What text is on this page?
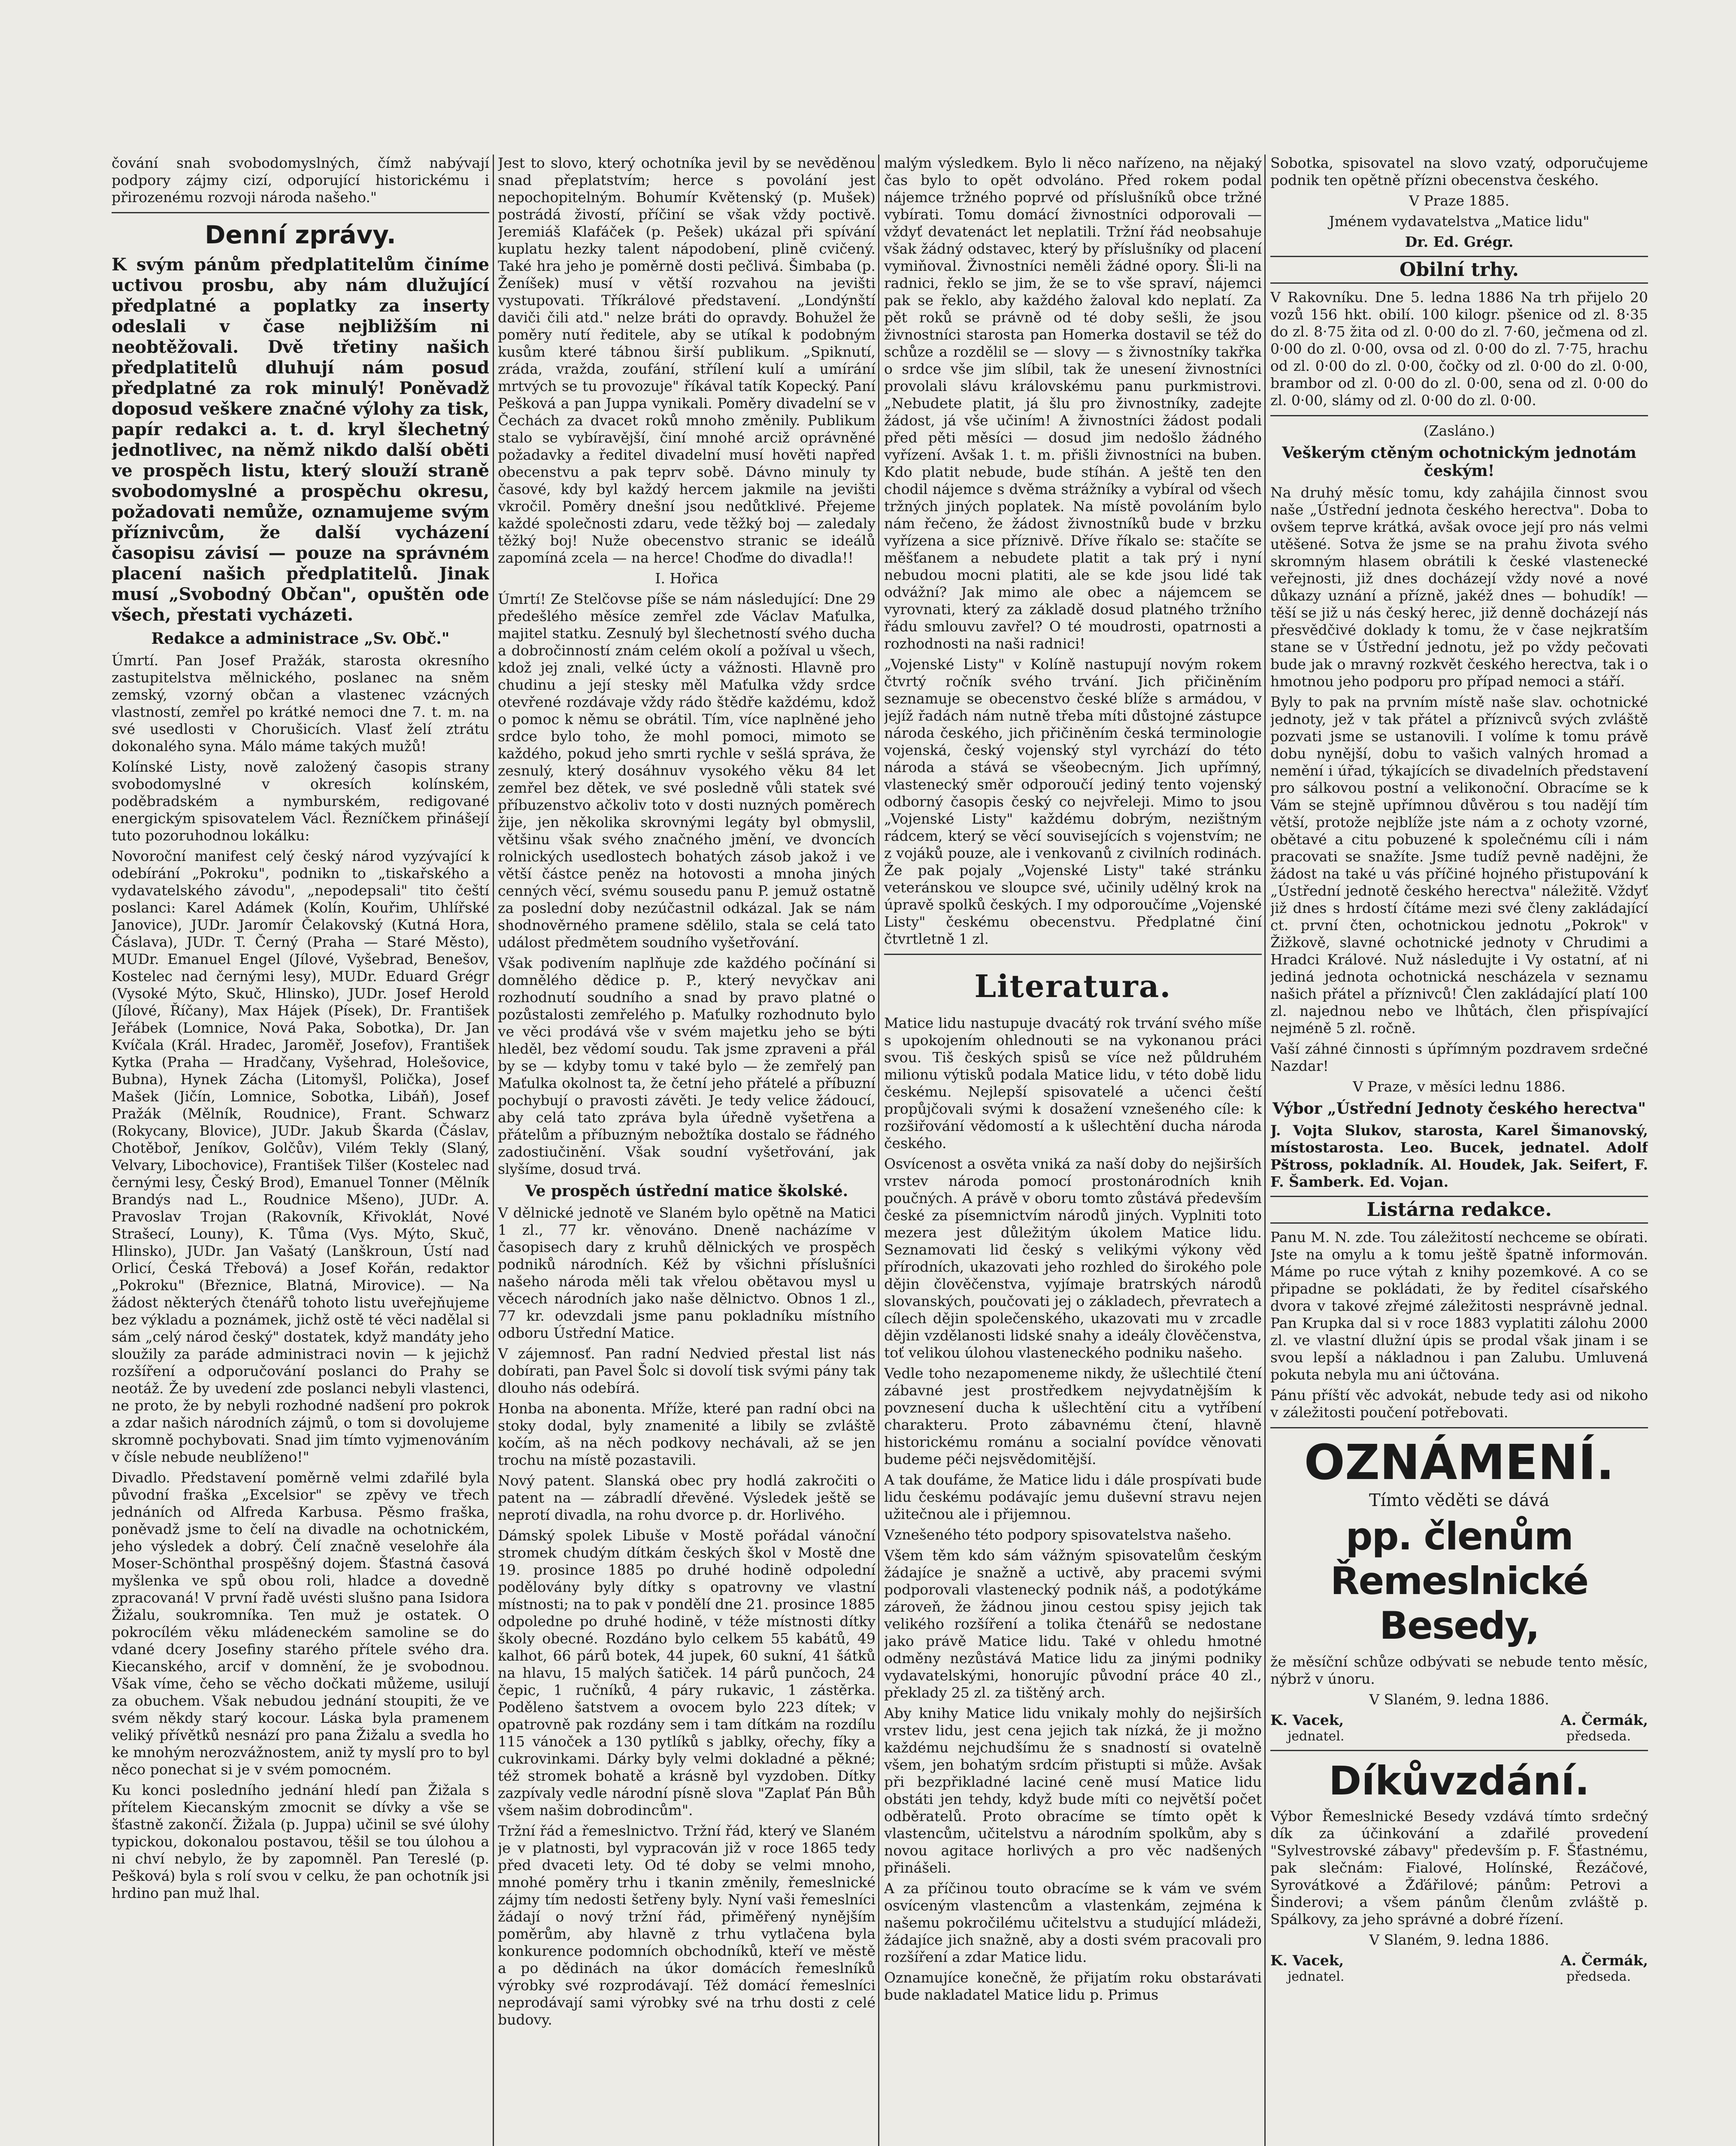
čování snah svobodomyslných, čímž nabývají podpory zájmy cizí, odporující historickému i přirozenému rozvoji národa našeho."

Denní zprávy.

K svým pánům předplatitelům činíme uctivou prosbu, aby nám dlužující předplatné a poplatky za inserty odeslali v čase nejbližším ni neobtěžovali. Dvě třetiny našich předplatitelů dluhují nám posud předplatné za rok minulý! Poněvadž doposud veškere značné výlohy za tisk, papír redakci a. t. d. kryl šlechetný jednotlivec, na němž nikdo další oběti ve prospěch listu, který slouží straně svobodomyslné a prospěchu okresu, požadovati nemůže, oznamujeme svým příznivcům, že další vycházení časopisu závisí — pouze na správném placení našich předplatitelů. Jinak musí „Svobodný Občan", opuštěn ode všech, přestati vycházeti.

Redakce a administrace „Sv. Obč."

Úmrtí. Pan Josef Pražák, starosta okresního zastupitelstva mělnického, poslanec na sněm zemský, vzorný občan a vlastenec vzácných vlastností, zemřel po krátké nemoci dne 7. t. m. na své usedlosti v Chorušicích. Vlasť želí ztrátu dokonalého syna. Málo máme takých mužů!

Kolínské Listy, nově založený časopis strany svobodomyslné v okresích kolínském, poděbradském a nymburském, redigované energickým spisovatelem Václ. Řezníčkem přinášejí tuto pozoruhodnou lokálku:

Novoroční manifest celý český národ vyzývající k odebírání „Pokroku", podnikn to „tiskařského a vydavatelského závodu", „nepodepsali" tito čeští poslanci: Karel Adámek (Kolín, Kouřim, Uhlířské Janovice), JUDr. Jaromír Čelakovský (Kutná Hora, Čáslava), JUDr. T. Černý (Praha — Staré Město), MUDr. Emanuel Engel (Jílové, Vyšebrad, Benešov, Kostelec nad černými lesy), MUDr. Eduard Grégr (Vysoké Mýto, Skuč, Hlinsko), JUDr. Josef Herold (Jílové, Říčany), Max Hájek (Písek), Dr. František Jeřábek (Lomnice, Nová Paka, Sobotka), Dr. Jan Kvíčala (Král. Hradec, Jaroměř, Josefov), František Kytka (Praha — Hradčany, Vyšehrad, Holešovice, Bubna), Hynek Zácha (Litomyšl, Polička), Josef Mašek (Jičín, Lomnice, Sobotka, Libáň), Josef Pražák (Mělník, Roudnice), Frant. Schwarz (Rokycany, Blovice), JUDr. Jakub Škarda (Čáslav, Chotěboř, Jeníkov, Golčův), Vilém Tekly (Slaný, Velvary, Libochovice), František Tilšer (Kostelec nad černými lesy, Český Brod), Emanuel Tonner (Mělník Brandýs nad L., Roudnice Mšeno), JUDr. A. Pravoslav Trojan (Rakovník, Křivoklát, Nové Strašecí, Louny), K. Tůma (Vys. Mýto, Skuč, Hlinsko), JUDr. Jan Vašatý (Lanškroun, Ústí nad Orlicí, Česká Třebová) a Josef Kořán, redaktor „Pokroku" (Březnice, Blatná, Mirovice). — Na žádost některých čtenářů tohoto listu uveřejňujeme bez výkladu a poznámek, jichž ostě té věci nadělal si sám „celý národ český" dostatek, když mandáty jeho sloužily za paráde administraci novin — k jejichž rozšíření a odporučování poslanci do Prahy se neotáž. Že by uvedení zde poslanci nebyli vlastenci, ne proto, že by nebyli rozhodné nadšení pro pokrok a zdar našich národních zájmů, o tom si dovolujeme skromně pochybovati. Snad jim tímto vyjmenováním v čísle nebude neublíženo!"

Divadlo. Představení poměrně velmi zdařilé byla původní fraška „Excelsior" se zpěvy ve třech jednáních od Alfreda Karbusa. Pěsmo fraška, poněvadž jsme to čelí na divadle na ochotnickém, jeho výsledek a dobrý. Čelí značně veselohře ála Moser-Schönthal prospěšný dojem. Šťastná časová myšlenka ve spů obou roli, hladce a dovedně zpracovaná! V první řadě uvésti slušno pana Isidora Žižalu, soukromníka. Ten muž je ostatek. O pokrocílém věku mládeneckém samoline se do vdané dcery Josefiny starého přítele svého dra. Kiecanského, arcif v domnění, že je svobodnou. Však víme, čeho se věcho dočkati můžeme, usilují za obuchem. Však nebudou jednání stoupiti, že ve svém někdy starý kocour. Láska byla pramenem veliký přívětků nesnází pro pana Žižalu a svedla ho ke mnohým nerozvážnostem, aniž ty myslí pro to byl něco ponechat si je v svém pomocném.

Ku konci posledního jednání hledí pan Žižala s přítelem Kiecanským zmocnit se dívky a vše se šťastně zakončí. Žižala (p. Juppa) učinil se své úlohy typickou, dokonalou postavou, těšil se tou úlohou a ni chví nebylo, že by zapomněl. Pan Tereslé (p. Pešková) byla s rolí svou v celku, že pan ochotník jsi hrdino pan muž lhal.

Jest to slovo, který ochotníka jevil by se nevěděnou snad přeplatstvím; herce s povolání jest nepochopitelným. Bohumír Květenský (p. Mušek) postrádá živostí, příčiní se však vždy poctivě. Jeremiáš Klafáček (p. Pešek) ukázal při spívání kuplatu hezky talent nápodobení, plině cvičený. Také hra jeho je poměrně dosti pečlivá. Šimbaba (p. Ženíšek) musí v větší rozvahou na jevišti vystupovati. Tříkrálové představení. „Londýnští daviči čili atd." nelze bráti do opravdy. Bohužel že poměry nutí ředitele, aby se utíkal k podobným kusům které tábnou širší publikum. „Spiknutí, zráda, vražda, zoufání, střílení kulí a umírání mrtvých se tu provozuje" říkával tatík Kopecký. Paní Pešková a pan Juppa vynikali. Poměry divadelní se v Čechách za dvacet roků mnoho změnily. Publikum stalo se vybíravější, činí mnohé arciž oprávněné požadavky a ředitel divadelní musí hověti napřed obecenstvu a pak teprv sobě. Dávno minuly ty časové, kdy byl každý hercem jakmile na jevišti vkročil. Poměry dnešní jsou nedůtklivé. Přejeme každé společnosti zdaru, vede těžký boj — zaledaly těžký boj! Nuže obecenstvo stranic se ideálů zapomíná zcela — na herce! Choďme do divadla!!

I. Hořica

Úmrtí! Ze Stelčovse píše se nám následující: Dne 29 předešlého měsíce zemřel zde Václav Maťulka, majitel statku. Zesnulý byl šlechetností svého ducha a dobročinností znám celém okolí a požíval u všech, kdož jej znali, velké úcty a vážnosti. Hlavně pro chudinu a její stesky měl Maťulka vždy srdce otevřené rozdávaje vždy rádo štědře každému, kdož o pomoc k němu se obrátil. Tím, více naplněné jeho srdce bylo toho, že mohl pomoci, mimoto se každého, pokud jeho smrti rychle v sešlá správa, že zesnulý, který dosáhnuv vysokého věku 84 let zemřel bez dětek, ve své posledně vůli statek své příbuzenstvo ačkoliv toto v dosti nuzných poměrech žije, jen několika skrovnými legáty byl obmyslil, většinu však svého značného jmění, ve dvoncích rolnických usedlostech bohatých zásob jakož i ve větší částce peněz na hotovosti a mnoha jiných cenných věcí, svému sousedu panu P. jemuž ostatně za poslední doby nezúčastnil odkázal. Jak se nám shodnověrného pramene sdělilo, stala se celá tato událost předmětem soudního vyšetřování.

Však podivením naplňuje zde každého počínání si domnělého dědice p. P., který nevyčkav ani rozhodnutí soudního a snad by pravo platné o pozůstalosti zemřelého p. Maťulky rozhodnuto bylo ve věci prodává vše v svém majetku jeho se býti hleděl, bez vědomí soudu. Tak jsme zpraveni a přál by se — kdyby tomu v také bylo — že zemřelý pan Maťulka okolnost ta, že četní jeho přátelé a příbuzní pochybují o pravosti závěti. Je tedy velice žádoucí, aby celá tato zpráva byla úředně vyšetřena a přátelům a příbuzným nebožtíka dostalo se řádného zadostiučinění. Však soudní vyšetřování, jak slyšíme, dosud trvá.

Ve prospěch ústřední matice školské.

V dělnické jednotě ve Slaném bylo opětně na Matici 1 zl., 77 kr. věnováno. Dneně nacházíme v časopisech dary z kruhů dělnických ve prospěch podniků národních. Kéž by všichni příslušníci našeho národa měli tak vřelou obětavou mysl u věcech národních jako naše dělnictvo. Obnos 1 zl., 77 kr. odevzdali jsme panu pokladníku místního odboru Ústřední Matice.

V zájemnosť. Pan radní Nedvied přestal list nás dobírati, pan Pavel Šolc si dovolí tisk svými pány tak dlouho nás odebírá.

Honba na abonenta. Mříže, které pan radní obci na stoky dodal, byly znamenité a libily se zvláště kočím, aš na něch podkovy nechávali, až se jen trochu na místě pozastavili.

Nový patent. Slanská obec pry hodlá zakročiti o patent na — zábradlí dřevěné. Výsledek ještě se neprotí divadla, na rohu dvorce p. dr. Horlivého.

Dámský spolek Libuše v Mostě pořádal vánoční stromek chudým dítkám českých škol v Mostě dne 19. prosince 1885 po druhé hodině odpolední podělovány byly dítky s opatrovny ve vlastní místnosti; na to pak v pondělí dne 21. prosince 1885 odpoledne po druhé hodině, v téže místnosti dítky školy obecné. Rozdáno bylo celkem 55 kabátů, 49 kalhot, 66 párů botek, 44 jupek, 60 sukní, 41 šátků na hlavu, 15 malých šatiček. 14 párů punčoch, 24 čepic, 1 ručníků, 4 páry rukavic, 1 zástěrka. Poděleno šatstvem a ovocem bylo 223 dítek; v opatrovně pak rozdány sem i tam dítkám na rozdílu 115 vánoček a 130 pytlíků s jablky, ořechy, fíky a cukrovinkami. Dárky byly velmi dokladné a pěkné; též stromek bohatě a krásně byl vyzdoben. Dítky zazpívaly vedle národní písně slova "Zaplať Pán Bůh všem našim dobrodincům".

Tržní řád a řemeslnictvo. Tržní řád, který ve Slaném je v platnosti, byl vypracován již v roce 1865 tedy před dvaceti lety. Od té doby se velmi mnoho, mnohé poměry trhu i tkanin změnily, řemeslnické zájmy tím nedosti šetřeny byly. Nyní vaši řemeslníci žádají o nový tržní řád, přiměřený nynějším poměrům, aby hlavně z trhu vytlačena byla konkurence podomních obchodníků, kteří ve městě a po dědinách na úkor domácích řemeslníků výrobky své rozprodávají. Též domácí řemeslníci neprodávají sami výrobky své na trhu dosti z celé budovy.

malým výsledkem. Bylo li něco nařízeno, na nějaký čas bylo to opět odvoláno. Před rokem podal nájemce tržného poprvé od příslušníků obce tržné vybírati. Tomu domácí živnostníci odporovali — vždyť devatenáct let neplatili. Tržní řád neobsahuje však žádný odstavec, který by příslušníky od placení vymiňoval. Živnostníci neměli žádné opory. Šli-li na radnici, řeklo se jim, že se to vše spraví, nájemci pak se řeklo, aby každého žaloval kdo neplatí. Za pět roků se právně od té doby sešli, že jsou živnostníci starosta pan Homerka dostavil se též do schůze a rozdělil se — slovy — s živnostníky takřka o srdce vše jim slíbil, tak že unesení živnostníci provolali slávu královskému panu purkmistrovi. „Nebudete platit, já šlu pro živnostníky, zadejte žádost, já vše učiním! A živnostníci žádost podali před pěti měsíci — dosud jim nedošlo žádného vyřízení. Avšak 1. t. m. přišli živnostníci na buben. Kdo platit nebude, bude stíhán. A ještě ten den chodil nájemce s dvěma strážníky a vybíral od všech tržných jiných poplatek. Na místě povoláním bylo nám řečeno, že žádost živnostníků bude v brzku vyřízena a sice příznivě. Dříve říkalo se: stačíte se měšťanem a nebudete platit a tak prý i nyní nebudou mocni platiti, ale se kde jsou lidé tak odvážní? Jak mimo ale obec a nájemcem se vyrovnati, který za základě dosud platného tržního řádu smlouvu zavřel? O té moudrosti, opatrnosti a rozhodnosti na naši radnici!

„Vojenské Listy" v Kolíně nastupují novým rokem čtvrtý ročník svého trvání. Jich přičiněním seznamuje se obecenstvo české blíže s armádou, v jejíž řadách nám nutně třeba míti důstojné zástupce národa českého, jich přičiněním česká terminologie vojenská, český vojenský styl vyrchází do této národa a stává se všeobecným. Jich upřímný, vlastenecký směr odporoučí jediný tento vojenský odborný časopis český co nejvřeleji. Mimo to jsou „Vojenské Listy" každému dobrým, nezištným rádcem, který se věcí souvisejících s vojenstvím; ne z vojáků pouze, ale i venkovanů z civilních rodinách. Že pak pojaly „Vojenské Listy" také stránku veteránskou ve sloupce své, učinily udělný krok na úpravě spolků českých. I my odporoučíme „Vojenské Listy" českému obecenstvu. Předplatné činí čtvrtletně 1 zl.

Literatura.

Matice lidu nastupuje dvacátý rok trvání svého míše s upokojením ohlednouti se na vykonanou práci svou. Tiš českých spisů se více než půldruhém milionu výtisků podala Matice lidu, v této době lidu českému. Nejlepší spisovatelé a učenci čeští propůjčovali svými k dosažení vznešeného cíle: k rozšiřování vědomostí a k ušlechtění ducha národa českého.

Osvícenost a osvěta vniká za naší doby do nejširších vrstev národa pomocí prostonárodních knih poučných. A právě v oboru tomto zůstává především české za písemnictvím národů jiných. Vyplniti toto mezera jest důležitým úkolem Matice lidu. Seznamovati lid český s velikými výkony věd přírodních, ukazovati jeho rozhled do širokého pole dějin člověčenstva, vyjímaje bratrských národů slovanských, poučovati jej o základech, převratech a cílech dějin společenského, ukazovati mu v zrcadle dějin vzdělanosti lidské snahy a ideály člověčenstva, toť velikou úlohou vlasteneckého podniku našeho.

Vedle toho nezapomeneme nikdy, že ušlechtilé čtení zábavné jest prostředkem nejvydatnějším k povznesení ducha k ušlechtění citu a vytříbení charakteru. Proto zábavnému čtení, hlavně historickému románu a socialní povídce věnovati budeme péči nejsvědomitější.

A tak doufáme, že Matice lidu i dále prospívati bude lidu českému podávajíc jemu duševní stravu nejen užitečnou ale i přijemnou.

Vznešeného této podpory spisovatelstva našeho.

Všem těm kdo sám vážným spisovatelům českým žádajíce je snažně a uctivě, aby pracemi svými podporovali vlastenecký podnik náš, a podotýkáme zároveň, že žádnou jinou cestou spisy jejich tak velikého rozšíření a tolika čtenářů se nedostane jako právě Matice lidu. Také v ohledu hmotné odměny nezůstává Matice lidu za jinými podniky vydavatelskými, honorujíc původní práce 40 zl., překlady 25 zl. za tištěný arch.

Aby knihy Matice lidu vnikaly mohly do nejširších vrstev lidu, jest cena jejich tak nízká, že ji možno každému nejchudšímu že s snadností si ovatelně všem, jen bohatým srdcím přistupti si může. Avšak při bezpřikladné laciné ceně musí Matice lidu obstáti jen tehdy, když bude míti co největší počet odběratelů. Proto obracíme se tímto opět k vlastencům, učitelstvu a národním spolkům, aby s novou agitace horlivých a pro věc nadšených přinášeli.

A za příčinou touto obracíme se k vám ve svém osvíceným vlastencům a vlastenkám, zejména k našemu pokročilému učitelstvu a studující mládeži, žádajíce jich snažně, aby a dosti svém pracovali pro rozšíření a zdar Matice lidu.

Oznamujíce konečně, že přijatím roku obstarávati bude nakladatel Matice lidu p. Primus

Sobotka, spisovatel na slovo vzatý, odporučujeme podnik ten opětně přízni obecenstva českého.

V Praze 1885.

Jménem vydavatelstva „Matice lidu"

Dr. Ed. Grégr.

Obilní trhy.

V Rakovníku. Dne 5. ledna 1886 Na trh přijelo 20 vozů 156 hkt. obilí. 100 kilogr. pšenice od zl. 8·35 do zl. 8·75 žita od zl. 0·00 do zl. 7·60, ječmena od zl. 0·00 do zl. 0·00, ovsa od zl. 0·00 do zl. 7·75, hrachu od zl. 0·00 do zl. 0·00, čočky od zl. 0·00 do zl. 0·00, brambor od zl. 0·00 do zl. 0·00, sena od zl. 0·00 do zl. 0·00, slámy od zl. 0·00 do zl. 0·00.

(Zasláno.)

Veškerým ctěným ochotnickým jednotám českým!

Na druhý měsíc tomu, kdy zahájila činnost svou naše „Ústřední jednota českého herectva". Doba to ovšem teprve krátká, avšak ovoce její pro nás velmi utěšené. Sotva že jsme se na prahu života svého skromným hlasem obrátili k české vlastenecké veřejnosti, již dnes docházejí vždy nové a nové důkazy uznání a přízně, jakéž dnes — bohudík! — těší se již u nás český herec, již denně docházejí nás přesvědčivé doklady k tomu, že v čase nejkratším stane se v Ústřední jednotu, jež po vždy pečovati bude jak o mravný rozkvět českého herectva, tak i o hmotnou jeho podporu pro případ nemoci a stáří.

Byly to pak na prvním místě naše slav. ochotnické jednoty, jež v tak přátel a příznivců svých zvláště pozvati jsme se ustanovili. I volíme k tomu právě dobu nynější, dobu to vašich valných hromad a nemění i úřad, týkajících se divadelních představení pro sálkovou postní a velikonoční. Obracíme se k Vám se stejně upřímnou důvěrou s tou nadějí tím větší, protože nejblíže jste nám a z ochoty vzorné, obětavé a citu pobuzené k společnému cíli i nám pracovati se snažíte. Jsme tudíž pevně nadějni, že žádost na také u vás příčiné hojného přistupování k „Ústřední jednotě českého herectva" náležitě. Vždyť již dnes s hrdostí čítáme mezi své členy zakládající ct. první čten, ochotnickou jednotu „Pokrok" v Žižkově, slavné ochotnické jednoty v Chrudimi a Hradci Králové. Nuž následujte i Vy ostatní, ať ni jediná jednota ochotnická nescházela v seznamu našich přátel a příznivců! Člen zakládající platí 100 zl. najednou nebo ve lhůtách, člen přispívající nejméně 5 zl. ročně.

Vaší záhné činnosti s úpřímným pozdravem srdečné Nazdar!

V Praze, v měsíci lednu 1886.

Výbor „Ústřední Jednoty českého herectva"

J. Vojta Slukov, starosta, Karel Šimanovský, místostarosta. Leo. Bucek, jednatel. Adolf Pštross, pokladník. Al. Houdek, Jak. Seifert, F. F. Šamberk. Ed. Vojan.

Listárna redakce.

Panu M. N. zde. Tou záležitostí nechceme se obírati. Jste na omylu a k tomu ještě špatně informován. Máme po ruce výtah z knihy pozemkové. A co se připadne se pokládati, že by ředitel císařského dvora v takové zřejmé záležitosti nesprávně jednal. Pan Krupka dal si v roce 1883 vyplatiti zálohu 2000 zl. ve vlastní dlužní úpis se prodal však jinam i se svou lepší a nákladnou i pan Zalubu. Umluvená pokuta nebyla mu ani účtována.

Pánu příští věc advokát, nebude tedy asi od nikoho v záležitosti poučení potřebovati.

OZNÁMENÍ.

Tímto věděti se dává

pp. členům Řemeslnické Besedy,

že měsíční schůze odbývati se nebude tento měsíc, nýbrž v únoru.

V Slaném, 9. ledna 1886.

K. Vacek,	A. Čermák,
jednatel.	předseda.
Díkůvzdání.

Výbor Řemeslnické Besedy vzdává tímto srdečný dík za účinkování a zdařilé provedení "Sylvestrovské zábavy" především p. F. Šťastnému, pak slečnám: Fialové, Holínské, Řezáčové, Syrovátkové a Žďářilové; pánům: Petrovi a Šinderovi; a všem pánům členům zvláště p. Spálkovy, za jeho správné a dobré řízení.

V Slaném, 9. ledna 1886.

K. Vacek,	A. Čermák,
jednatel.	předseda.
